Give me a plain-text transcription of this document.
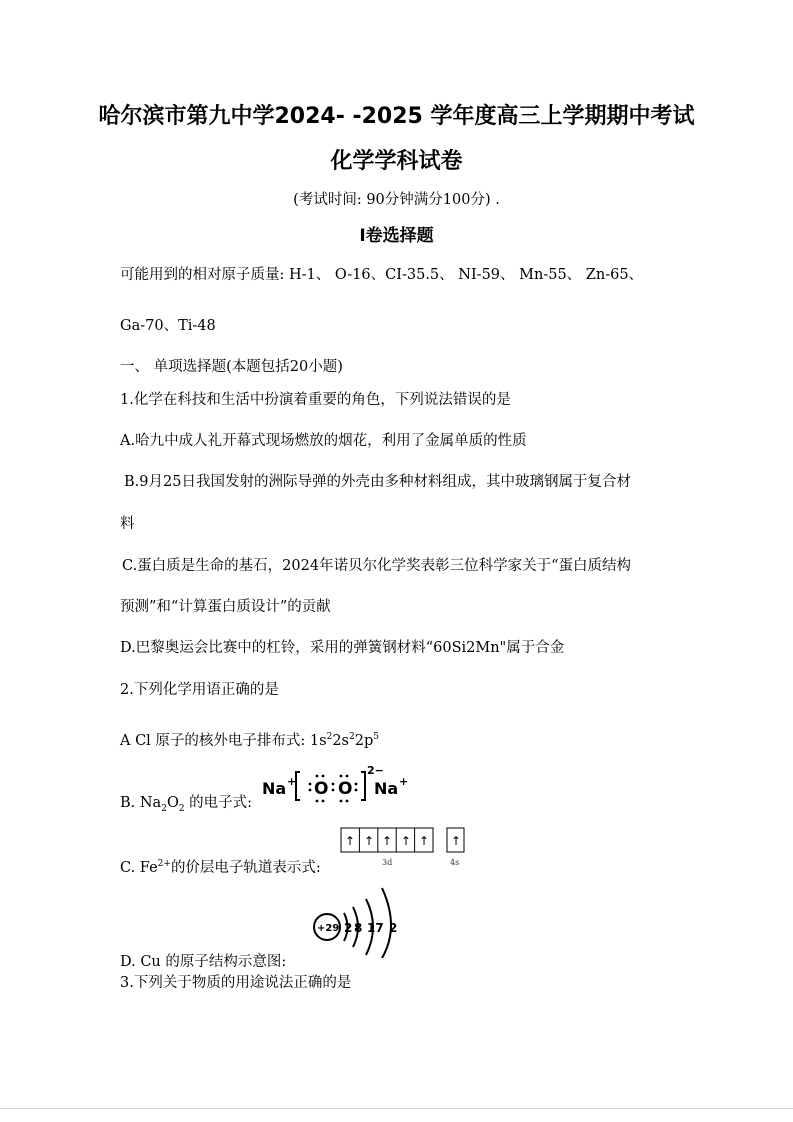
哈尔滨市第九中学2024- -2025 学年度高三上学期期中考试
化学学科试卷
(考试时间: 90分钟满分100分) .
I卷选择题
可能用到的相对原子质量: H-1、 O-16、CI-35.5、 NI-59、 Mn-55、 Zn-65、
Ga-70、Ti-48
一、 单项选择题(本题包括20小题)
1.化学在科技和生活中扮演着重要的角色，下列说法错误的是
A.哈九中成人礼开幕式现场燃放的烟花，利用了金属单质的性质
B.9月25日我国发射的洲际导弹的外壳由多种材料组成，其中玻璃钢属于复合材
料
C.蛋白质是生命的基石，2024年诺贝尔化学奖表彰三位科学家关于“蛋白质结构
预测”和“计算蛋白质设计”的贡献
D.巴黎奥运会比赛中的杠铃，采用的弹簧钢材料“60Si2Mn"属于合金
2.下列化学用语正确的是
A Cl 原子的核外电子排布式: $1s^22s^22p^5$
B. $Na_2O_2$ 的电子式:
Na + O O
2−
Na +
C. $Fe^{2+}$的价层电子轨道表示式:
↑ ↑ ↑ ↑ ↑ ↑
3d	4s
+29 2 8 17 2
D. Cu 的原子结构示意图:
3.下列关于物质的用途说法正确的是
